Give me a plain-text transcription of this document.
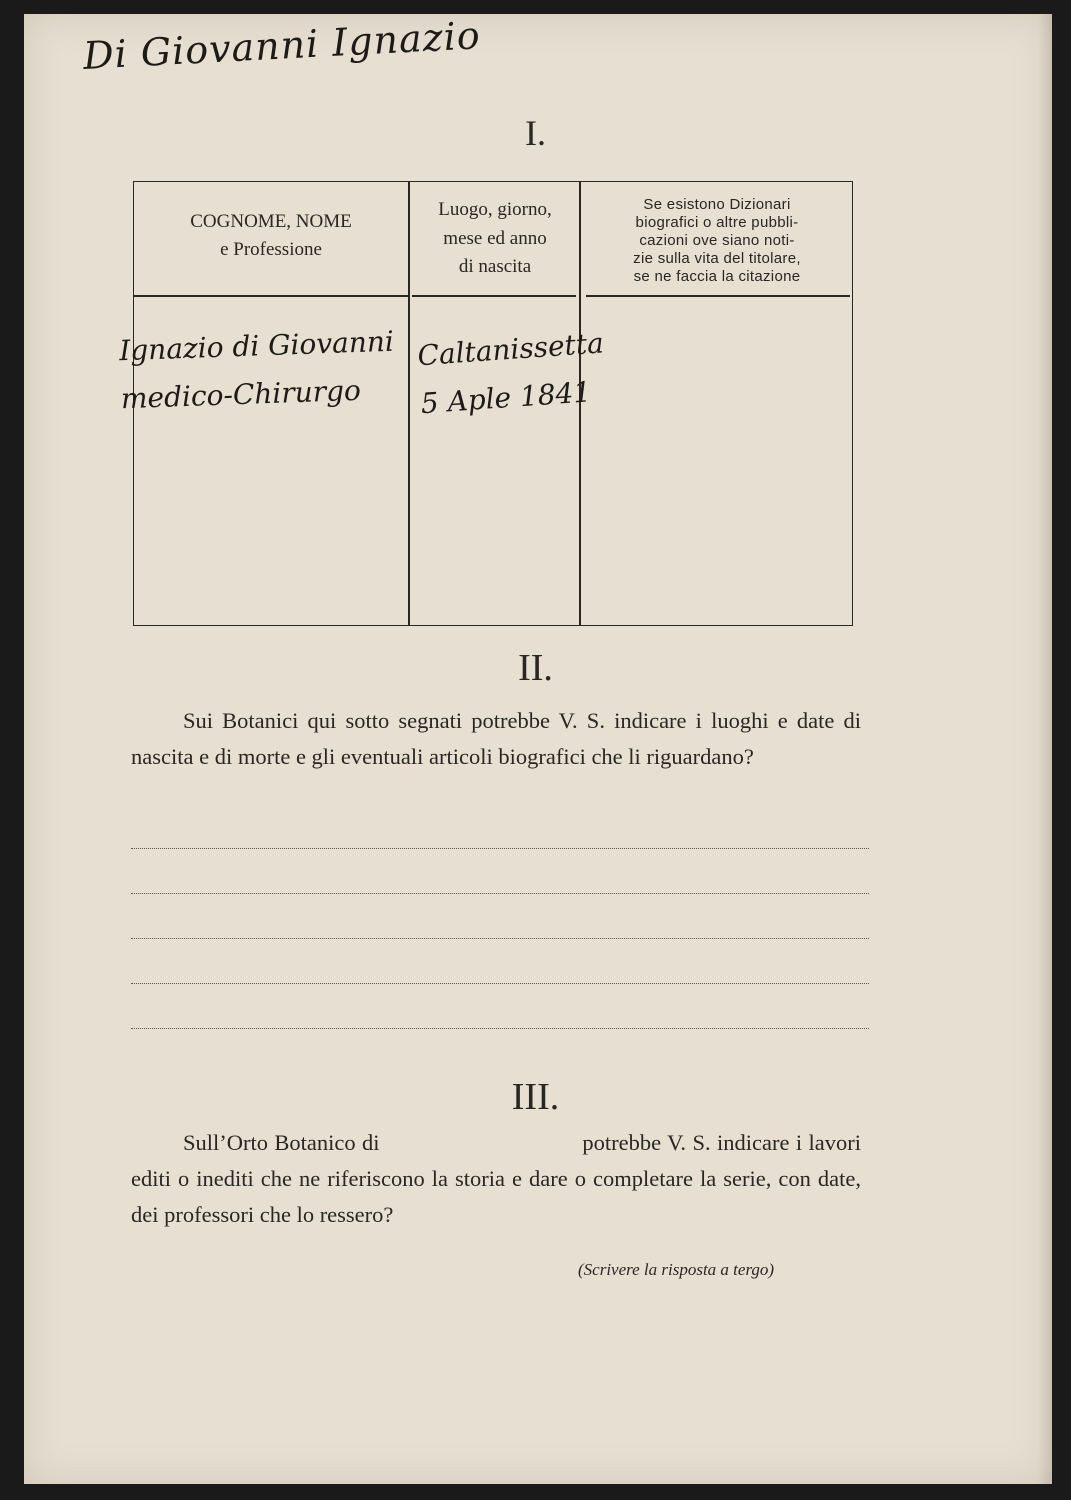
Di Giovanni Ignazio
I.
COGNOME, NOME
e Professione
Luogo, giorno,
mese ed anno
di nascita
Se esistono Dizionari
biografici o altre pubbli-
cazioni ove siano noti-
zie sulla vita del titolare,
se ne faccia la citazione
Ignazio di Giovanni
medico-Chirurgo
Caltanissetta
5 Aple 1841
II.
Sui Botanici qui sotto segnati potrebbe V. S. indicare i luoghi e date di nascita e di morte e gli eventuali articoli biografici che li riguardano?
III.
Sull’Orto Botanico di	potrebbe V. S. indicare i lavori editi o inediti che ne riferiscono la storia e dare o completare la serie, con date, dei professori che lo ressero?
(Scrivere la risposta a tergo)
